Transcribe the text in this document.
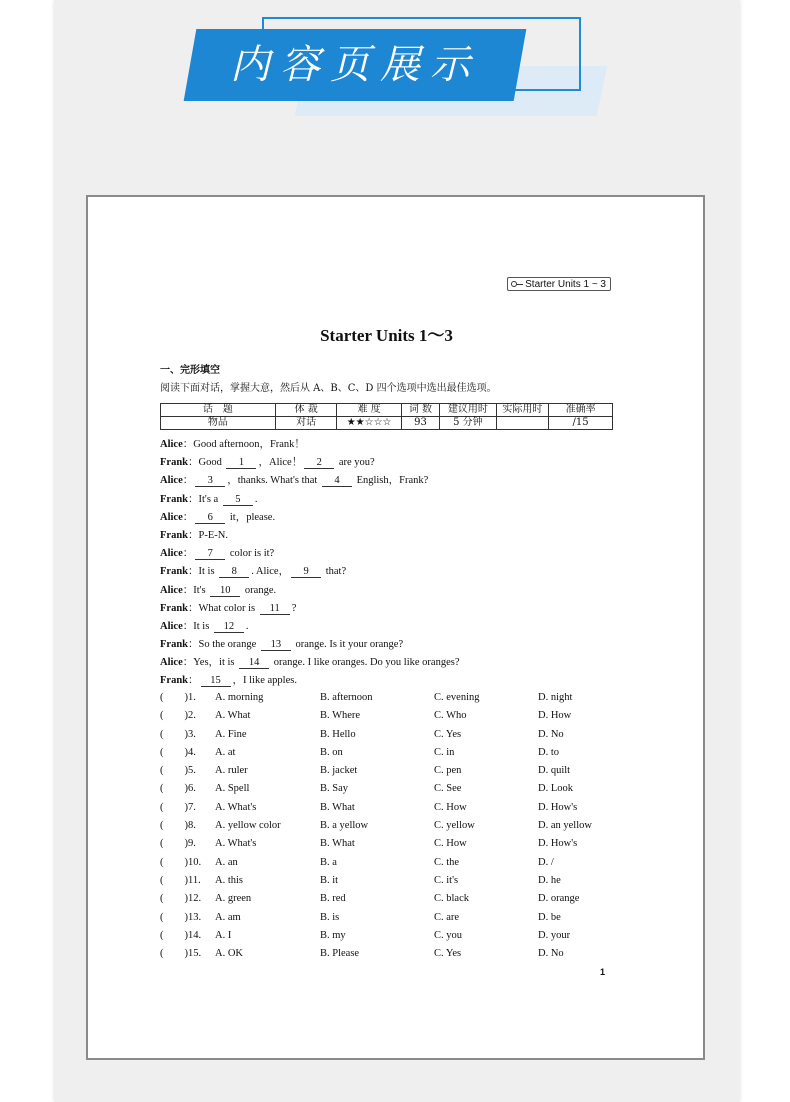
内容页展示
Starter Units 1 ~ 3
Starter Units 1～3
一、完形填空
阅读下面对话，掌握大意，然后从 A、B、C、D 四个选项中选出最佳选项。
话　题	体 裁	难 度	词 数	建议用时	实际用时	准确率
物品	对话	★★☆☆☆	93	5 分钟		/15
Alice：Good afternoon，Frank！
Frank：Good 1 ，Alice！ 2 are you?
Alice： 3 ，thanks. What's that 4 English，Frank?
Frank：It's a 5 .
Alice： 6 it，please.
Frank：P-E-N.
Alice： 7 color is it?
Frank：It is 8 . Alice， 9 that?
Alice：It's 10 orange.
Frank：What color is 11 ?
Alice：It is 12 .
Frank：So the orange 13 orange. Is it your orange?
Alice：Yes，it is 14 orange. I like oranges. Do you like oranges?
Frank： 15 ，I like apples.
(　　)1. A. morning	B. afternoon	C. evening	D. night
(　　)2. A. What	B. Where	C. Who	D. How
(　　)3. A. Fine	B. Hello	C. Yes	D. No
(　　)4. A. at	B. on	C. in	D. to
(　　)5. A. ruler	B. jacket	C. pen	D. quilt
(　　)6. A. Spell	B. Say	C. See	D. Look
(　　)7. A. What's	B. What	C. How	D. How's
(　　)8. A. yellow color	B. a yellow	C. yellow	D. an yellow
(　　)9. A. What's	B. What	C. How	D. How's
(　　)10. A. an	B. a	C. the	D. /
(　　)11. A. this	B. it	C. it's	D. he
(　　)12. A. green	B. red	C. black	D. orange
(　　)13. A. am	B. is	C. are	D. be
(　　)14. A. I	B. my	C. you	D. your
(　　)15. A. OK	B. Please	C. Yes	D. No
1
